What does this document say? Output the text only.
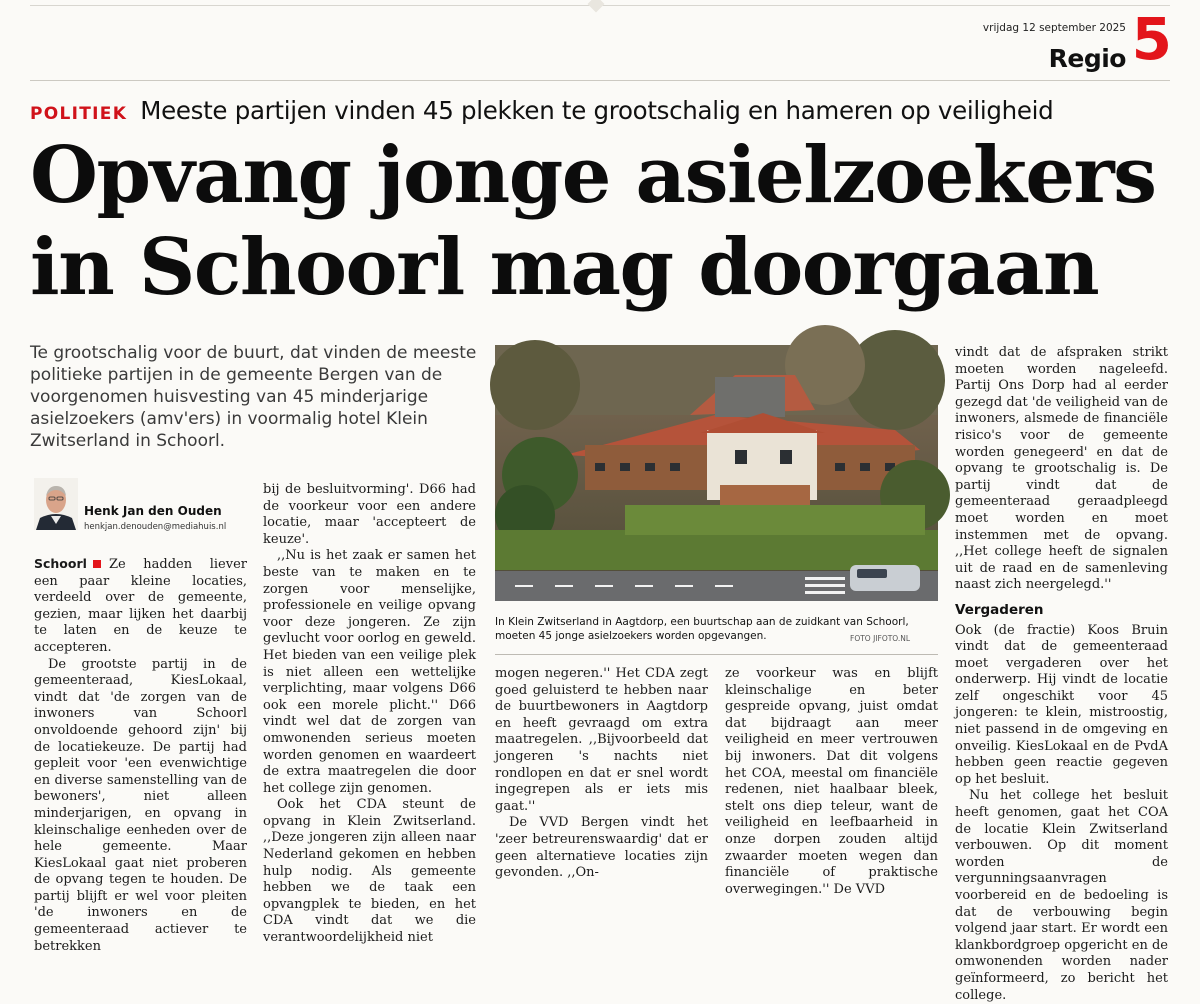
vrijdag 12 september 2025
Regio 5
POLITIEK Meeste partijen vinden 45 plekken te grootschalig en hameren op veiligheid
Opvang jonge asielzoekers
in Schoorl mag doorgaan
Te grootschalig voor de buurt, dat vinden de meeste politieke partijen in de gemeente Bergen van de voorgenomen huisvesting van 45 minderjarige asielzoekers (amv'ers) in voormalig hotel Klein Zwitserland in Schoorl.
Henk Jan den Ouden
henkjan.denouden@mediahuis.nl

Schoorl Ze hadden liever een paar kleine locaties, verdeeld over de gemeente, gezien, maar lijken het daarbij te laten en de keuze te accepteren.

De grootste partij in de gemeenteraad, KiesLokaal, vindt dat 'de zorgen van de inwoners van Schoorl onvoldoende gehoord zijn' bij de locatiekeuze. De partij had gepleit voor 'een evenwichtige en diverse samenstelling van de bewoners', niet alleen minderjarigen, en opvang in kleinschalige eenheden over de hele gemeente. Maar KiesLokaal gaat niet proberen de opvang tegen te houden. De partij blijft er wel voor pleiten 'de inwoners en de gemeenteraad actiever te betrekken

bij de besluitvorming'. D66 had de voorkeur voor een andere locatie, maar 'accepteert de keuze'.

,,Nu is het zaak er samen het beste van te maken en te zorgen voor menselijke, professionele en veilige opvang voor deze jongeren. Ze zijn gevlucht voor oorlog en geweld. Het bieden van een veilige plek is niet alleen een wettelijke verplichting, maar volgens D66 ook een morele plicht.'' D66 vindt wel dat de zorgen van omwonenden serieus moeten worden genomen en waardeert de extra maatregelen die door het college zijn genomen.

Ook het CDA steunt de opvang in Klein Zwitserland. ,,Deze jongeren zijn alleen naar Nederland gekomen en hebben hulp nodig. Als gemeente hebben we de taak een opvangplek te bieden, en het CDA vindt dat we die verantwoordelijkheid niet

In Klein Zwitserland in Aagtdorp, een buurtschap aan de zuidkant van Schoorl, moeten 45 jonge asielzoekers worden opgevangen.	FOTO JIFOTO.NL

mogen negeren.'' Het CDA zegt goed geluisterd te hebben naar de buurtbewoners in Aagtdorp en heeft gevraagd om extra maatregelen. ,,Bijvoorbeeld dat jongeren 's nachts niet rondlopen en dat er snel wordt ingegrepen als er iets mis gaat.''

De VVD Bergen vindt het 'zeer betreurenswaardig' dat er geen alternatieve locaties zijn gevonden. ,,On-

ze voorkeur was en blijft kleinschalige en beter gespreide opvang, juist omdat dat bijdraagt aan meer veiligheid en meer vertrouwen bij inwoners. Dat dit volgens het COA, meestal om financiële redenen, niet haalbaar bleek, stelt ons diep teleur, want de veiligheid en leefbaarheid in onze dorpen zouden altijd zwaarder moeten wegen dan financiële of praktische overwegingen.'' De VVD

vindt dat de afspraken strikt moeten worden nageleefd. Partij Ons Dorp had al eerder gezegd dat 'de veiligheid van de inwoners, alsmede de financiële risico's voor de gemeente worden genegeerd' en dat de opvang te grootschalig is. De partij vindt dat de gemeenteraad geraadpleegd moet worden en moet instemmen met de opvang. ,,Het college heeft de signalen uit de raad en de samenleving naast zich neergelegd.''

Vergaderen

Ook (de fractie) Koos Bruin vindt dat de gemeenteraad moet vergaderen over het onderwerp. Hij vindt de locatie zelf ongeschikt voor 45 jongeren: te klein, mistroostig, niet passend in de omgeving en onveilig. KiesLokaal en de PvdA hebben geen reactie gegeven op het besluit.

Nu het college het besluit heeft genomen, gaat het COA de locatie Klein Zwitserland verbouwen. Op dit moment worden de vergunningsaanvragen voorbereid en de bedoeling is dat de verbouwing begin volgend jaar start. Er wordt een klankbordgroep opgericht en de omwonenden worden nader geïnformeerd, zo bericht het college.
